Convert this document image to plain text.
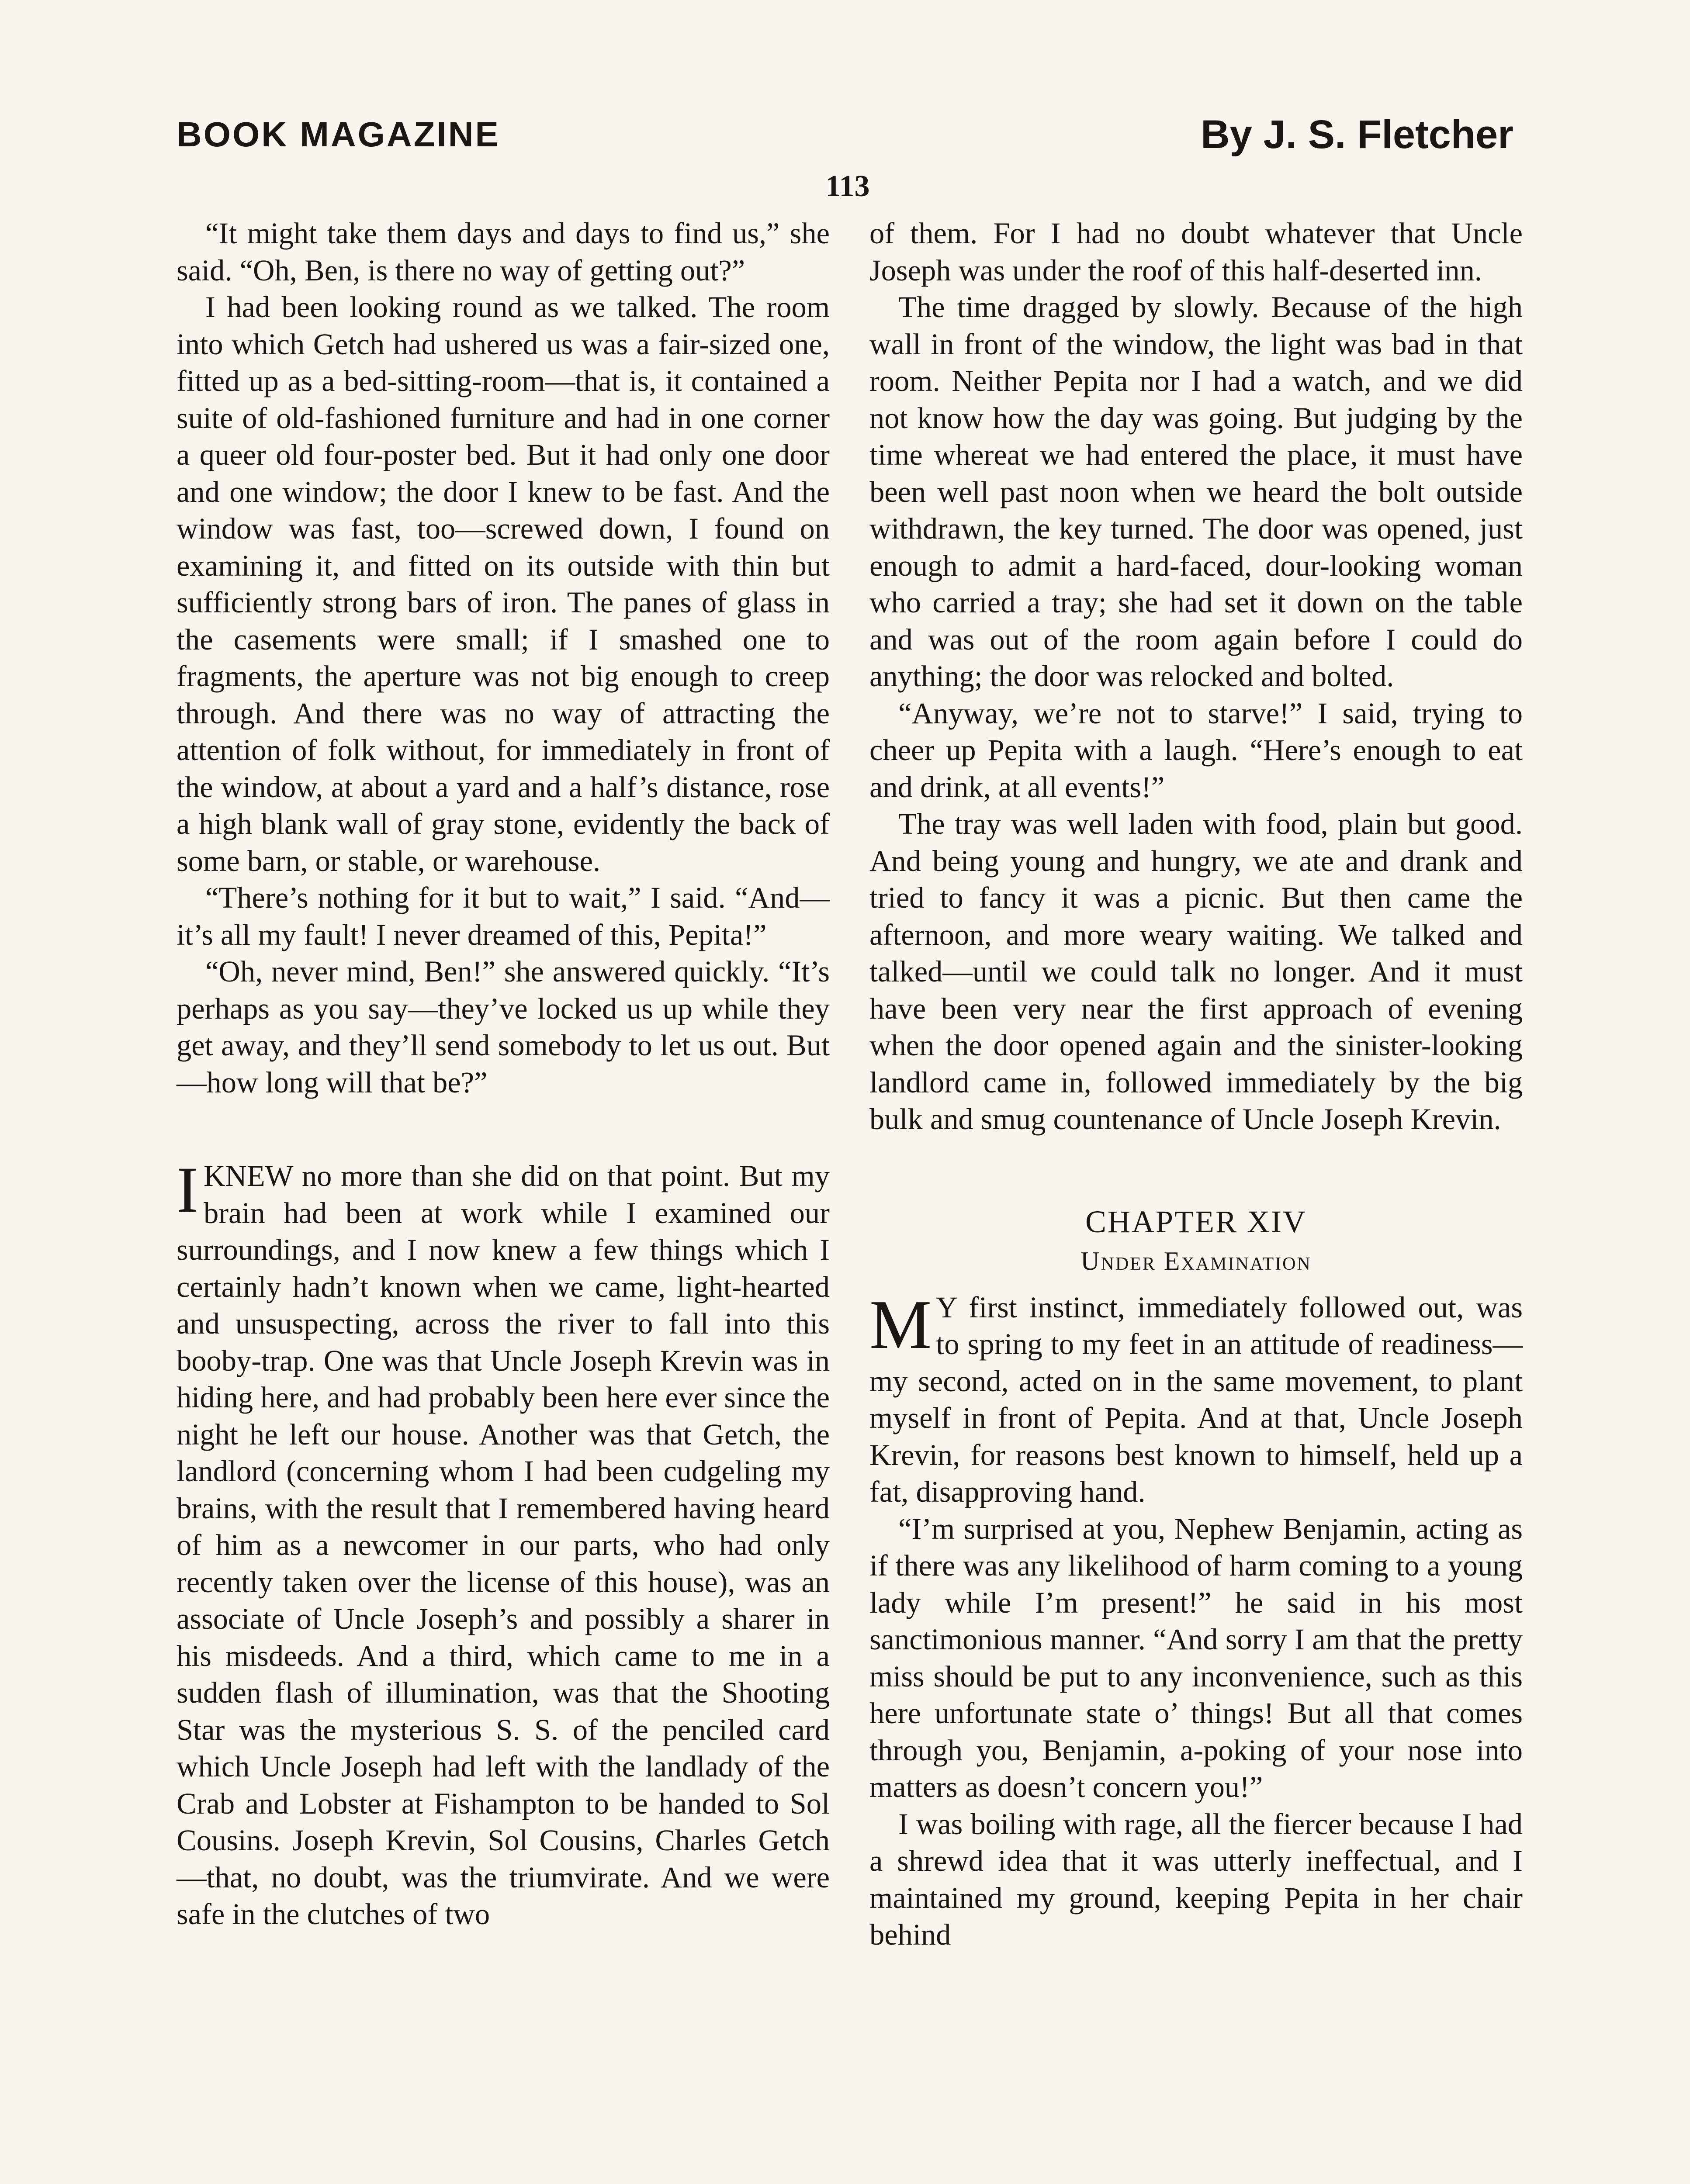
BOOK MAGAZINE	By J. S. Fletcher
113

“It might take them days and days to find us,” she said. “Oh, Ben, is there no way of getting out?”

I had been looking round as we talked. The room into which Getch had ushered us was a fair-sized one, fitted up as a bed-sitting-room—that is, it contained a suite of old-fashioned furniture and had in one corner a queer old four-poster bed. But it had only one door and one window; the door I knew to be fast. And the window was fast, too—screwed down, I found on examining it, and fitted on its outside with thin but sufficiently strong bars of iron. The panes of glass in the casements were small; if I smashed one to fragments, the aperture was not big enough to creep through. And there was no way of attracting the attention of folk without, for immediately in front of the window, at about a yard and a half’s distance, rose a high blank wall of gray stone, evidently the back of some barn, or stable, or warehouse.

“There’s nothing for it but to wait,” I said. “And—it’s all my fault! I never dreamed of this, Pepita!”

“Oh, never mind, Ben!” she answered quickly. “It’s perhaps as you say—they’ve locked us up while they get away, and they’ll send somebody to let us out. But—how long will that be?”

IKNEW no more than she did on that point. But my brain had been at work while I examined our surroundings, and I now knew a few things which I certainly hadn’t known when we came, light-hearted and unsuspecting, across the river to fall into this booby-trap. One was that Uncle Joseph Krevin was in hiding here, and had probably been here ever since the night he left our house. Another was that Getch, the landlord (concerning whom I had been cudgeling my brains, with the result that I remembered having heard of him as a newcomer in our parts, who had only recently taken over the license of this house), was an associate of Uncle Joseph’s and possibly a sharer in his misdeeds. And a third, which came to me in a sudden flash of illumination, was that the Shooting Star was the mysterious S. S. of the penciled card which Uncle Joseph had left with the landlady of the Crab and Lobster at Fishampton to be handed to Sol Cousins. Joseph Krevin, Sol Cousins, Charles Getch—that, no doubt, was the triumvirate. And we were safe in the clutches of two

of them. For I had no doubt whatever that Uncle Joseph was under the roof of this half-deserted inn.

The time dragged by slowly. Because of the high wall in front of the window, the light was bad in that room. Neither Pepita nor I had a watch, and we did not know how the day was going. But judging by the time whereat we had entered the place, it must have been well past noon when we heard the bolt outside withdrawn, the key turned. The door was opened, just enough to admit a hard-faced, dour-looking woman who carried a tray; she had set it down on the table and was out of the room again before I could do anything; the door was relocked and bolted.

“Anyway, we’re not to starve!” I said, trying to cheer up Pepita with a laugh. “Here’s enough to eat and drink, at all events!”

The tray was well laden with food, plain but good. And being young and hungry, we ate and drank and tried to fancy it was a picnic. But then came the afternoon, and more weary waiting. We talked and talked—until we could talk no longer. And it must have been very near the first approach of evening when the door opened again and the sinister-looking landlord came in, followed immediately by the big bulk and smug countenance of Uncle Joseph Krevin.

CHAPTER XIV
Under Examination

M Y first instinct, immediately followed out, was to spring to my feet in an attitude of readiness—my second, acted on in the same movement, to plant myself in front of Pepita. And at that, Uncle Joseph Krevin, for reasons best known to himself, held up a fat, disapproving hand.

“I’m surprised at you, Nephew Benjamin, acting as if there was any likelihood of harm coming to a young lady while I’m present!” he said in his most sanctimonious manner. “And sorry I am that the pretty miss should be put to any inconvenience, such as this here unfortunate state o’ things! But all that comes through you, Benjamin, a-poking of your nose into matters as doesn’t concern you!”

I was boiling with rage, all the fiercer because I had a shrewd idea that it was utterly ineffectual, and I maintained my ground, keeping Pepita in her chair behind
